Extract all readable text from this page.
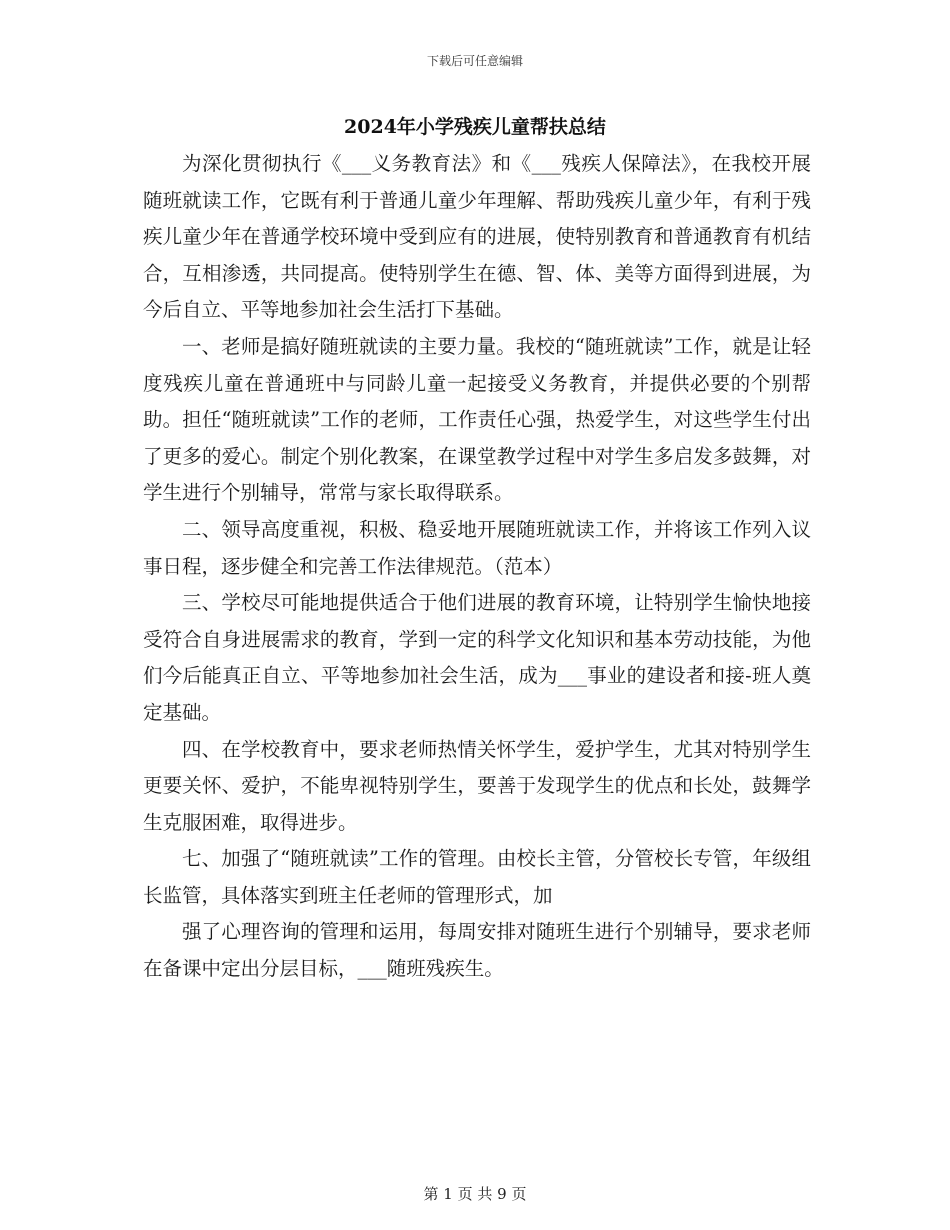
下载后可任意编辑
2024年小学残疾儿童帮扶总结

为深化贯彻执行《___义务教育法》和《___残疾人保障法》，在我校开展随班就读工作，它既有利于普通儿童少年理解、帮助残疾儿童少年，有利于残疾儿童少年在普通学校环境中受到应有的进展，使特别教育和普通教育有机结合，互相渗透，共同提高。使特别学生在德、智、体、美等方面得到进展，为今后自立、平等地参加社会生活打下基础。

一、老师是搞好随班就读的主要力量。我校的“随班就读”工作，就是让轻度残疾儿童在普通班中与同龄儿童一起接受义务教育，并提供必要的个别帮助。担任“随班就读”工作的老师，工作责任心强，热爱学生，对这些学生付出了更多的爱心。制定个别化教案，在课堂教学过程中对学生多启发多鼓舞，对学生进行个别辅导，常常与家长取得联系。

二、领导高度重视，积极、稳妥地开展随班就读工作，并将该工作列入议事日程，逐步健全和完善工作法律规范。（范本）

三、学校尽可能地提供适合于他们进展的教育环境，让特别学生愉快地接受符合自身进展需求的教育，学到一定的科学文化知识和基本劳动技能，为他们今后能真正自立、平等地参加社会生活，成为___事业的建设者和接-班人奠定基础。

四、在学校教育中，要求老师热情关怀学生，爱护学生，尤其对特别学生更要关怀、爱护，不能卑视特别学生，要善于发现学生的优点和长处，鼓舞学生克服困难，取得进步。

七、加强了“随班就读”工作的管理。由校长主管，分管校长专管，年级组长监管，具体落实到班主任老师的管理形式，加

强了心理咨询的管理和运用，每周安排对随班生进行个别辅导，要求老师在备课中定出分层目标，___随班残疾生。

第 1 页 共 9 页
